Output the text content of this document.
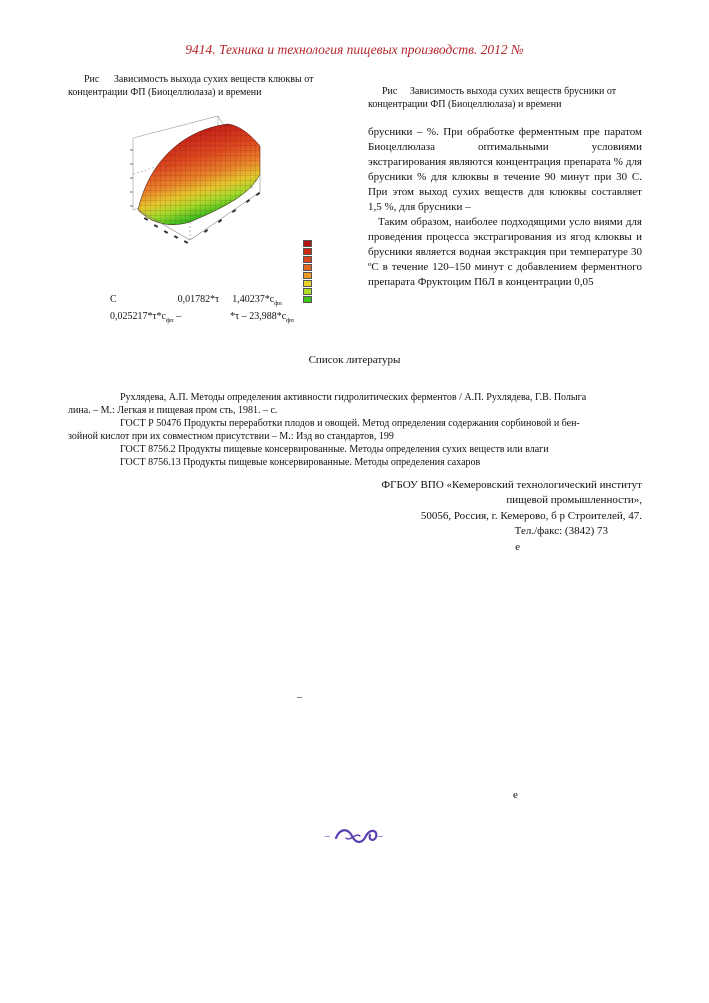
9414. Техника и технология пищевых производств. 2012 №
Рис Зависимость выхода сухих веществ клюквы от концентрации ФП (Биоцеллюлаза) и времени
С	0,01782*τ $1,40237*с_{фп}$
$0,025217*\tau*с_{фп}$ –	$*\tau - 23,988*с_{фп}$
Рис Зависимость выхода сухих веществ брусники от концентрации ФП (Биоцеллюлаза) и времени

брусники – %. При обработке ферментным пре паратом Биоцеллюлаза оптимальными условиями экстрагирования являются концентрация препарата % для брусники % для клюквы в течение 90 минут при 30 С. При этом выход сухих веществ для клюквы составляет 1,5 %, для брусники –

Таким образом, наиболее подходящими усло виями для проведения процесса экстрагирования из ягод клюквы и брусники является водная экстракция при температуре 30 ºС в течение 120–150 минут с добавлением ферментного препарата Фруктоцим П6Л в концентрации 0,05

Список литературы
Рухлядева, А.П. Методы определения активности гидролитических ферментов / А.П. Рухлядева, Г.В. Полыга
лина. – М.: Легкая и пищевая пром сть, 1981. – с.
ГОСТ Р 50476 Продукты переработки плодов и овощей. Метод определения содержания сорбиновой и бен-
зойной кислот при их совместном присутствии – М.: Изд во стандартов, 199
ГОСТ 8756.2 Продукты пищевые консервированные. Методы определения сухих веществ или влаги
ГОСТ 8756.13 Продукты пищевые консервированные. Методы определения сахаров
ФГБОУ ВПО «Кемеровский технологический институт
пищевой промышленности»,
50056, Россия, г. Кемерово, б р Строителей, 47.
Тел./факс: (3842) 73
е
–
е
–	–
